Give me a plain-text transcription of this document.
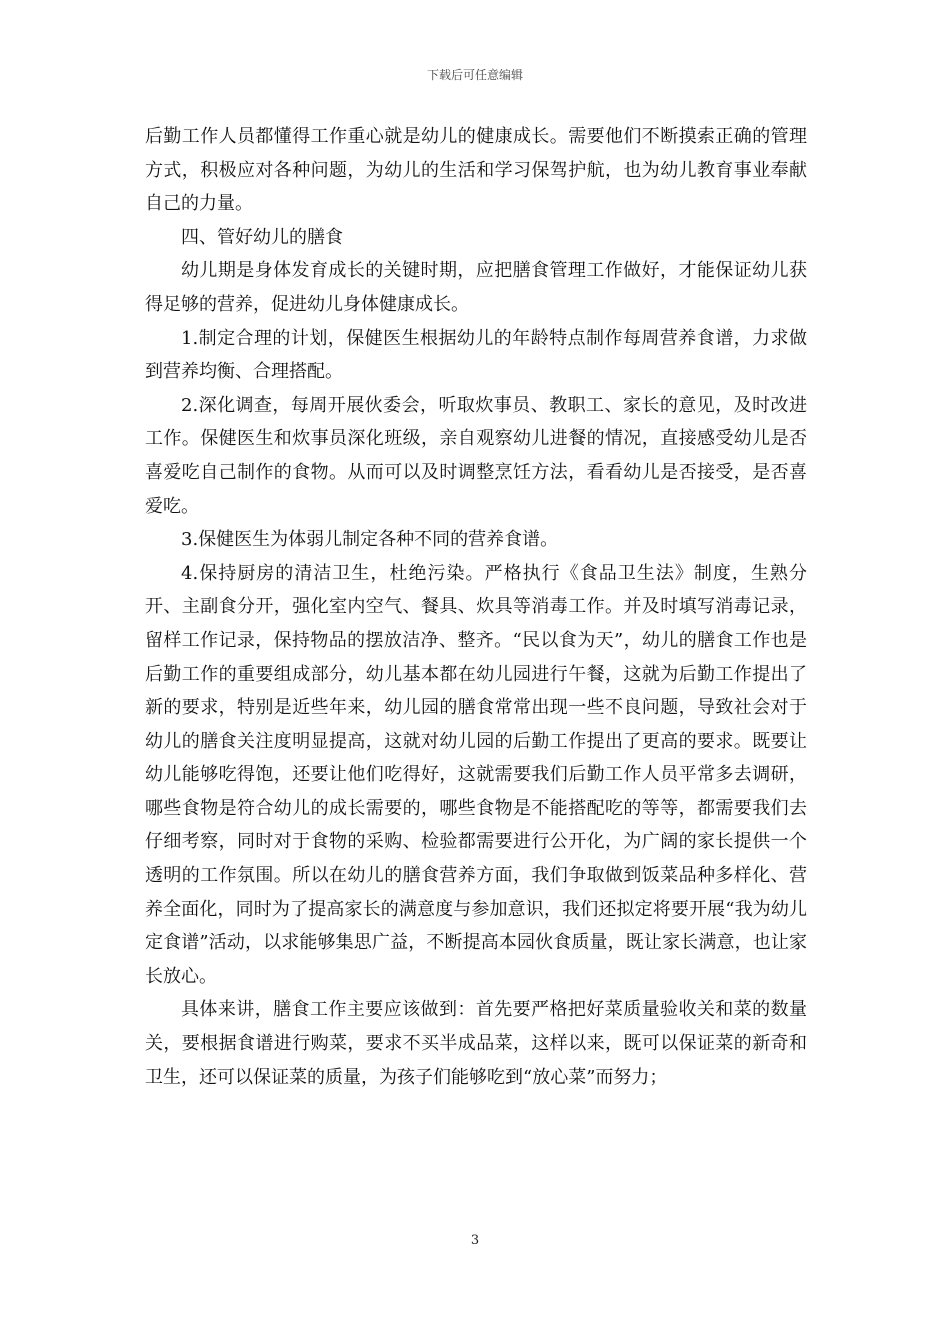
下载后可任意编辑

后勤工作人员都懂得工作重心就是幼儿的健康成长。需要他们不断摸索正确的管理方式，积极应对各种问题，为幼儿的生活和学习保驾护航，也为幼儿教育事业奉献自己的力量。

四、管好幼儿的膳食

幼儿期是身体发育成长的关键时期，应把膳食管理工作做好，才能保证幼儿获得足够的营养，促进幼儿身体健康成长。

1.制定合理的计划，保健医生根据幼儿的年龄特点制作每周营养食谱，力求做到营养均衡、合理搭配。

2.深化调查，每周开展伙委会，听取炊事员、教职工、家长的意见，及时改进工作。保健医生和炊事员深化班级，亲自观察幼儿进餐的情况，直接感受幼儿是否喜爱吃自己制作的食物。从而可以及时调整烹饪方法，看看幼儿是否接受，是否喜爱吃。

3.保健医生为体弱儿制定各种不同的营养食谱。

4.保持厨房的清洁卫生，杜绝污染。严格执行《食品卫生法》制度，生熟分开、主副食分开，强化室内空气、餐具、炊具等消毒工作。并及时填写消毒记录，留样工作记录，保持物品的摆放洁净、整齐。“民以食为天”，幼儿的膳食工作也是后勤工作的重要组成部分，幼儿基本都在幼儿园进行午餐，这就为后勤工作提出了新的要求，特别是近些年来，幼儿园的膳食常常出现一些不良问题，导致社会对于幼儿的膳食关注度明显提高，这就对幼儿园的后勤工作提出了更高的要求。既要让幼儿能够吃得饱，还要让他们吃得好，这就需要我们后勤工作人员平常多去调研，哪些食物是符合幼儿的成长需要的，哪些食物是不能搭配吃的等等，都需要我们去仔细考察，同时对于食物的采购、检验都需要进行公开化，为广阔的家长提供一个透明的工作氛围。所以在幼儿的膳食营养方面，我们争取做到饭菜品种多样化、营养全面化，同时为了提高家长的满意度与参加意识，我们还拟定将要开展“我为幼儿定食谱”活动，以求能够集思广益，不断提高本园伙食质量，既让家长满意，也让家长放心。

具体来讲，膳食工作主要应该做到：首先要严格把好菜质量验收关和菜的数量关，要根据食谱进行购菜，要求不买半成品菜，这样以来，既可以保证菜的新奇和卫生，还可以保证菜的质量，为孩子们能够吃到“放心菜”而努力；

3
